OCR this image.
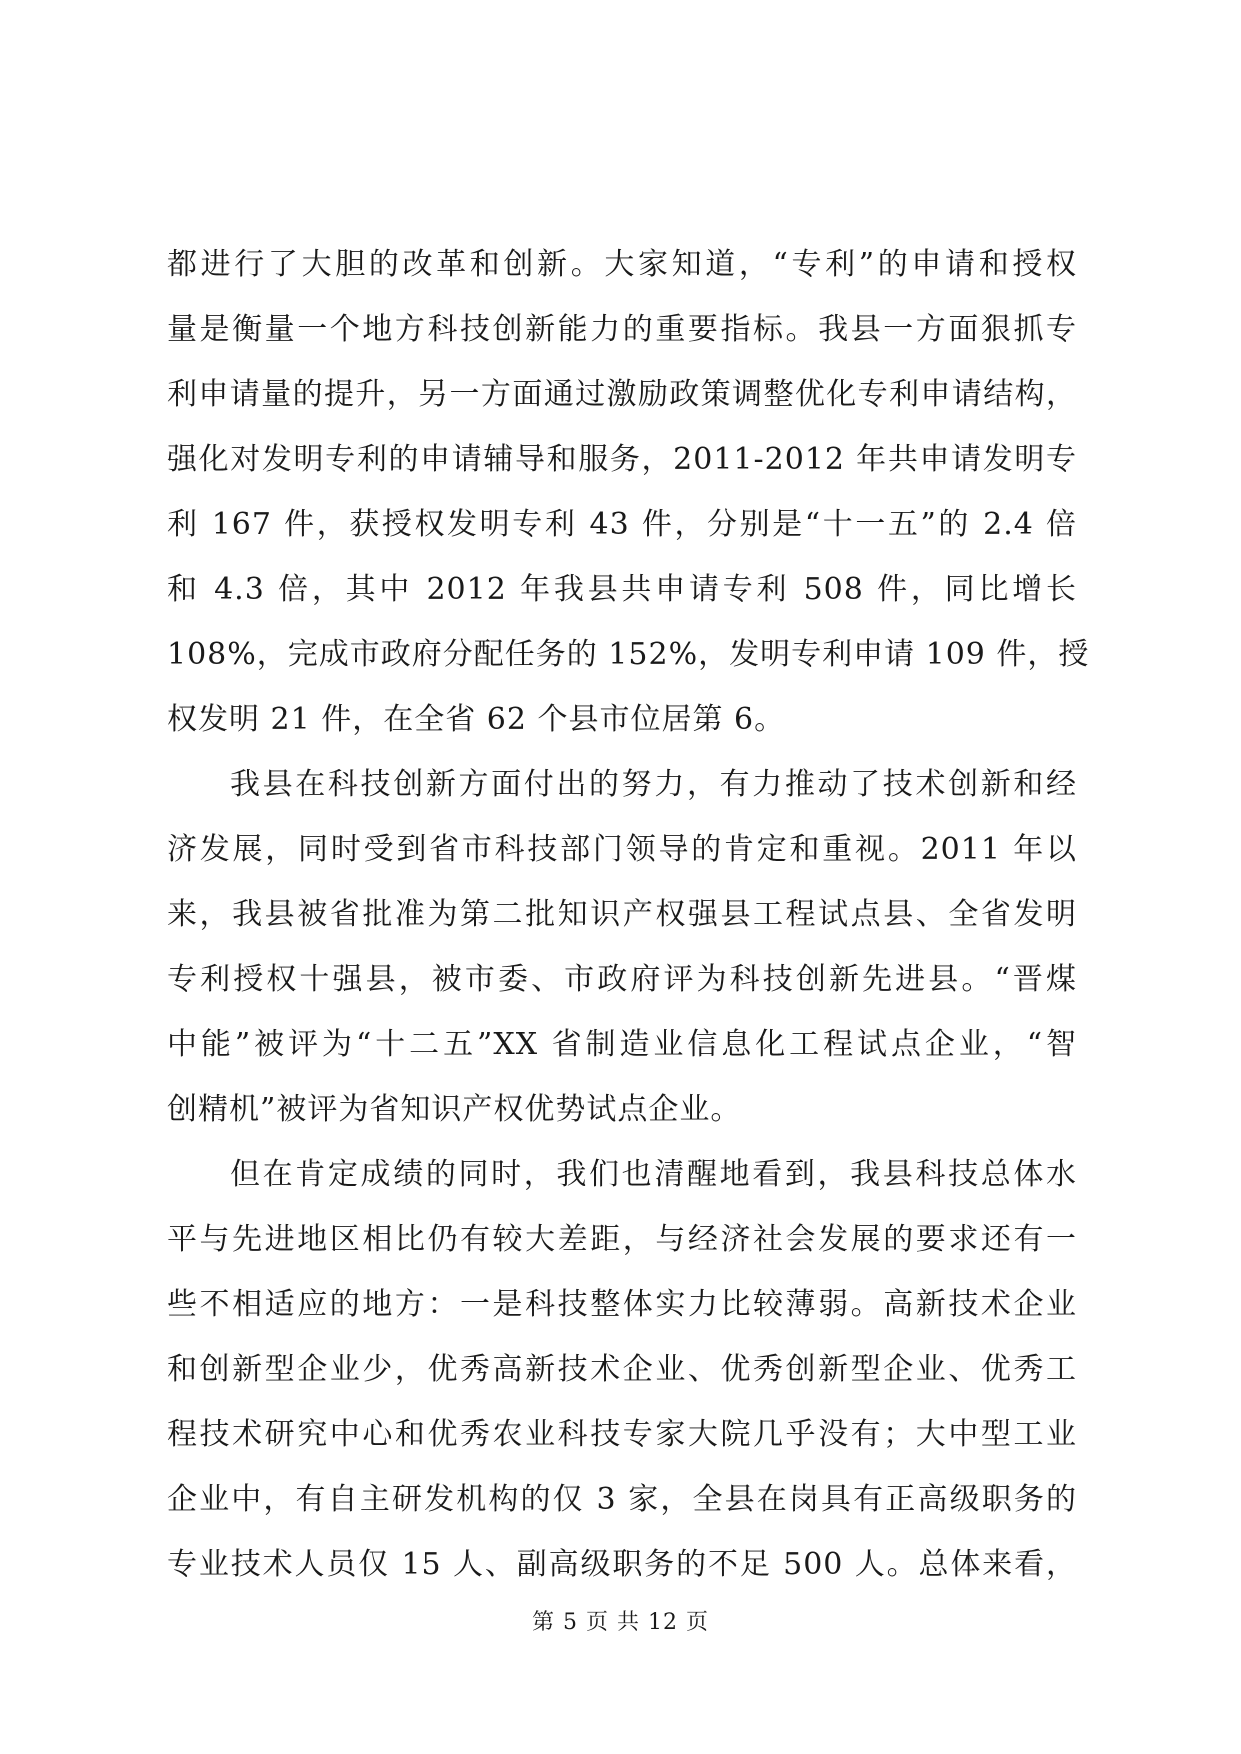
都进行了大胆的改革和创新。大家知道，“专利”的申请和授权
量是衡量一个地方科技创新能力的重要指标。我县一方面狠抓专
利申请量的提升，另一方面通过激励政策调整优化专利申请结构，
强化对发明专利的申请辅导和服务，2011-2012 年共申请发明专
利 167 件，获授权发明专利 43 件，分别是“十一五”的 2.4 倍
和 4.3 倍，其中 2012 年我县共申请专利 508 件，同比增长
108%，完成市政府分配任务的 152%，发明专利申请 109 件，授
权发明 21 件，在全省 62 个县市位居第 6。
我县在科技创新方面付出的努力，有力推动了技术创新和经
济发展，同时受到省市科技部门领导的肯定和重视。2011 年以
来，我县被省批准为第二批知识产权强县工程试点县、全省发明
专利授权十强县，被市委、市政府评为科技创新先进县。“晋煤
中能”被评为“十二五”XX 省制造业信息化工程试点企业，“智
创精机”被评为省知识产权优势试点企业。
但在肯定成绩的同时，我们也清醒地看到，我县科技总体水
平与先进地区相比仍有较大差距，与经济社会发展的要求还有一
些不相适应的地方：一是科技整体实力比较薄弱。高新技术企业
和创新型企业少，优秀高新技术企业、优秀创新型企业、优秀工
程技术研究中心和优秀农业科技专家大院几乎没有；大中型工业
企业中，有自主研发机构的仅 3 家，全县在岗具有正高级职务的
专业技术人员仅 15 人、副高级职务的不足 500 人。总体来看，
第 5 页 共 12 页
